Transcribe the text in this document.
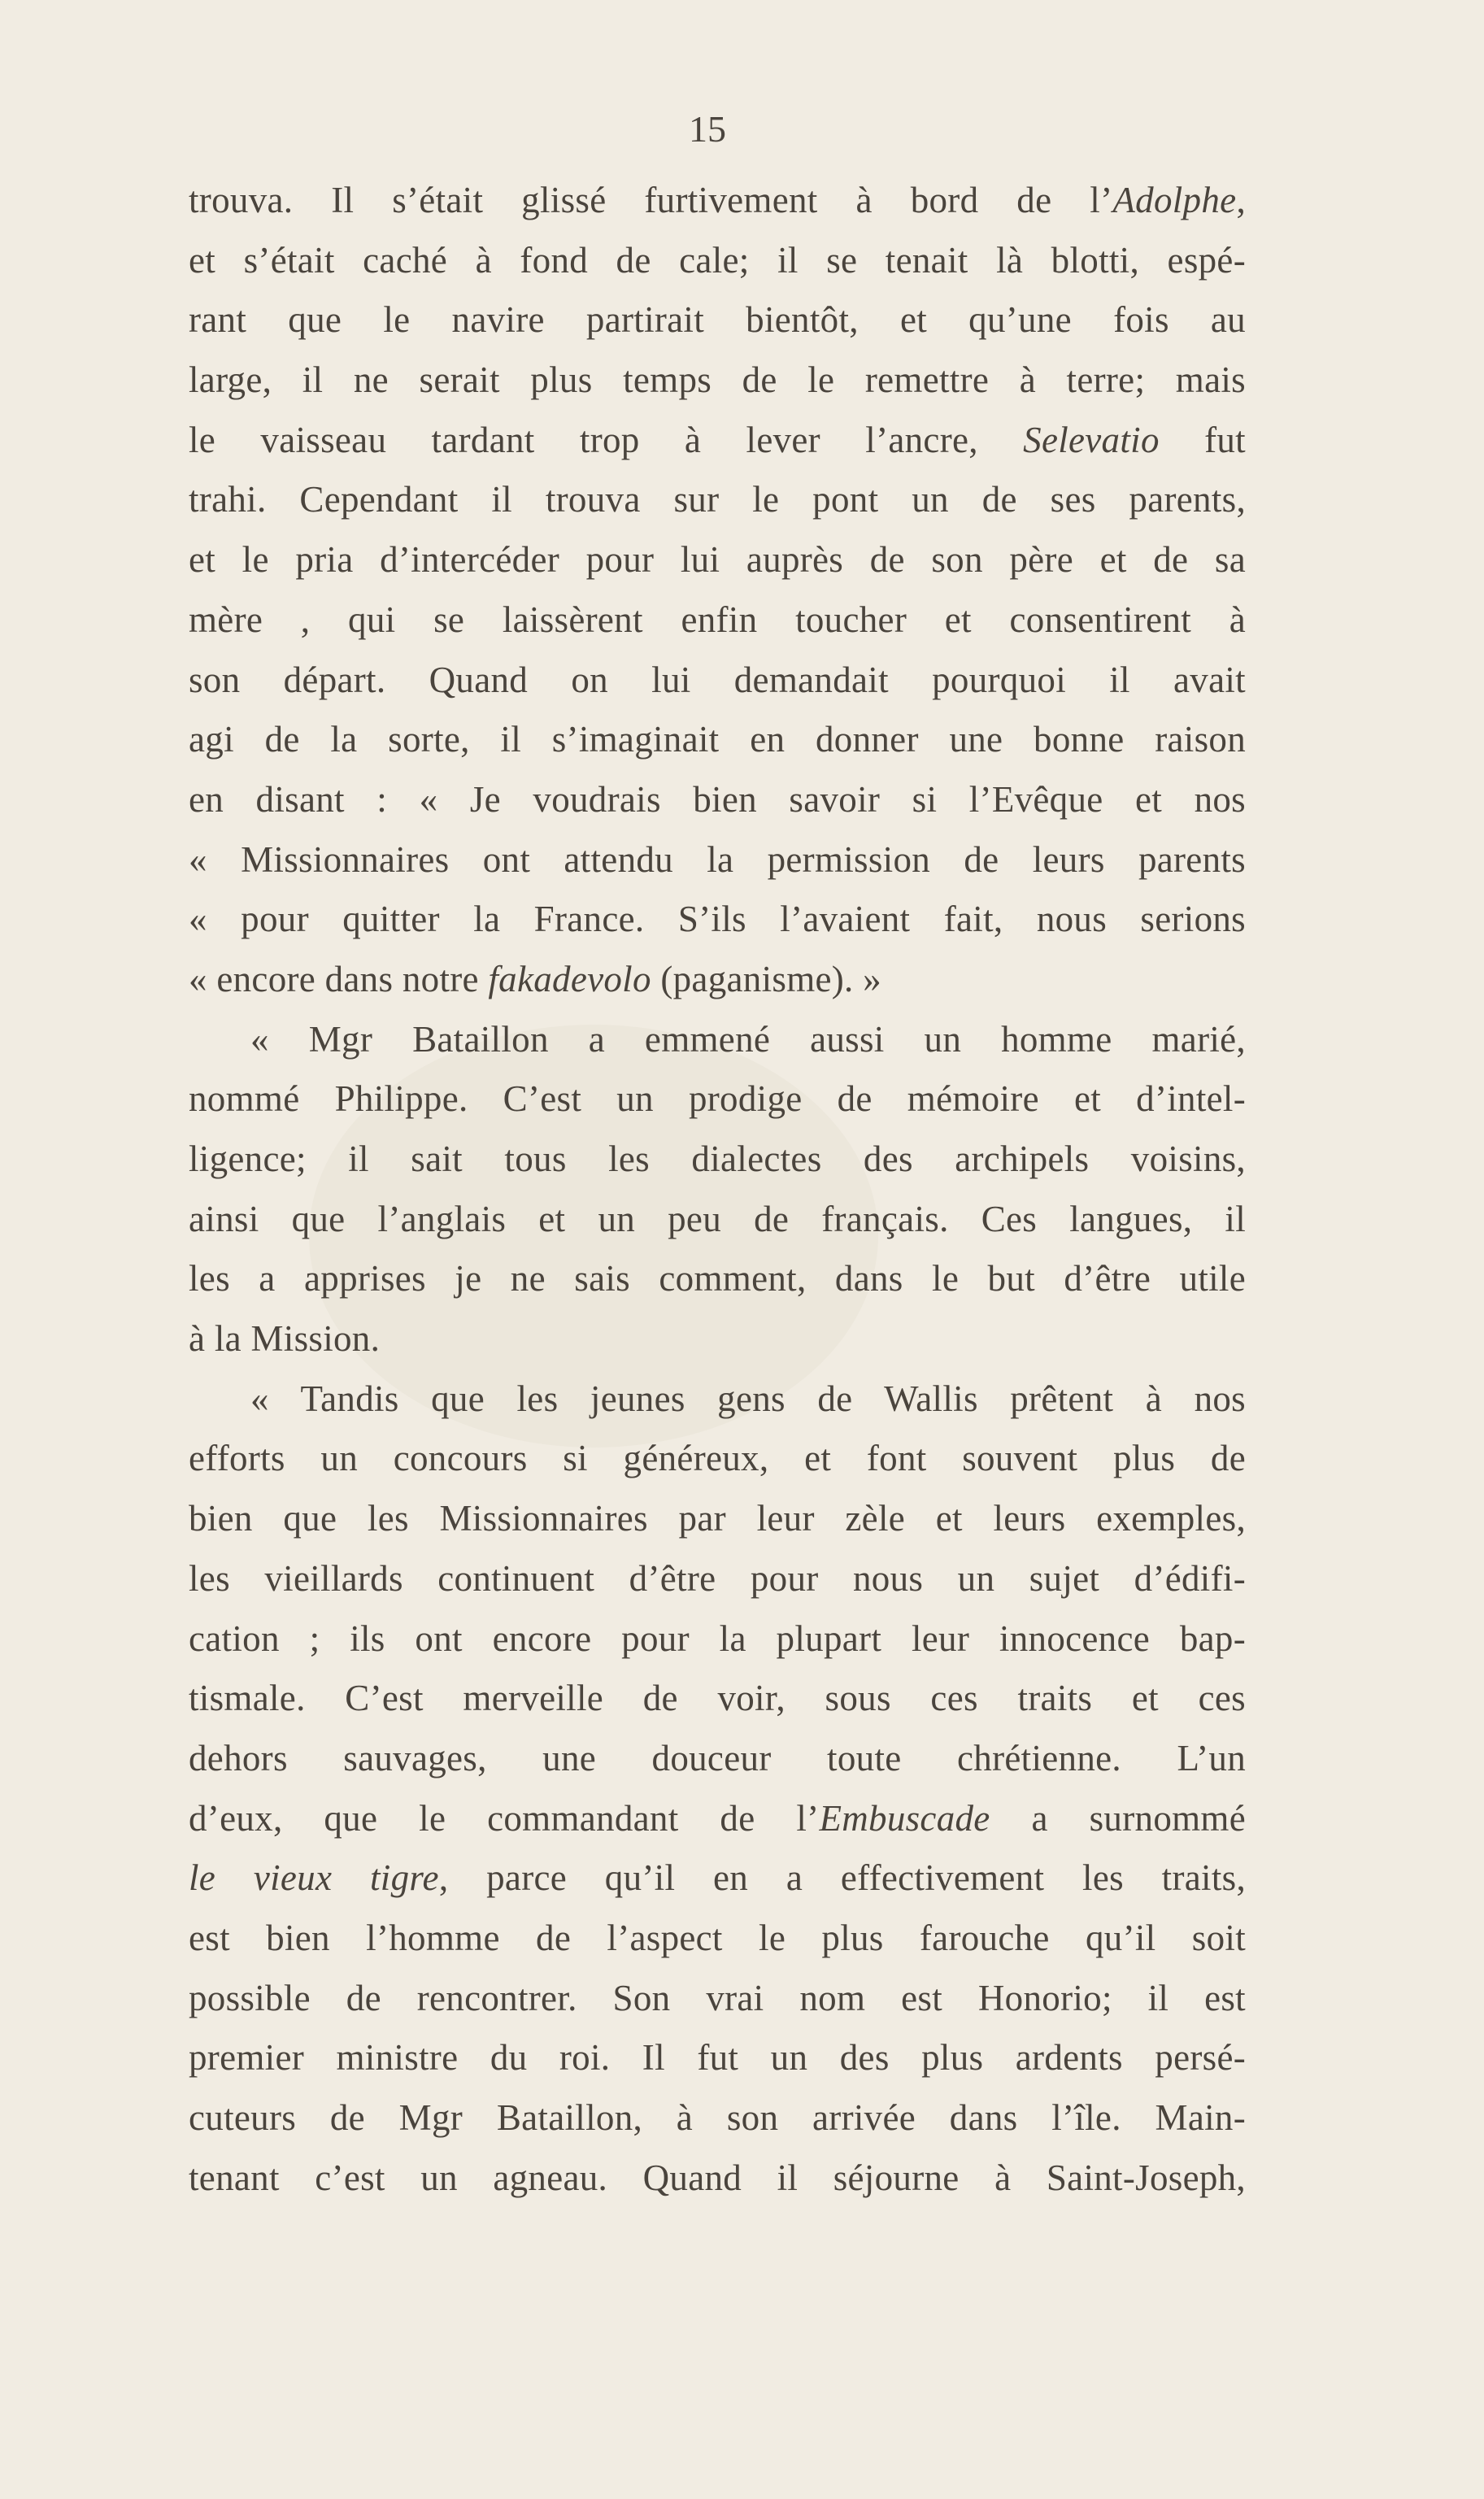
15
trouva. Il s’était glissé furtivement à bord de l’Adolphe,
et s’était caché à fond de cale; il se tenait là blotti, espé-
rant que le navire partirait bientôt, et qu’une fois au
large, il ne serait plus temps de le remettre à terre; mais
le vaisseau tardant trop à lever l’ancre, Selevatio fut
trahi. Cependant il trouva sur le pont un de ses parents,
et le pria d’intercéder pour lui auprès de son père et de sa
mère , qui se laissèrent enfin toucher et consentirent à
son départ. Quand on lui demandait pourquoi il avait
agi de la sorte, il s’imaginait en donner une bonne raison
en disant : « Je voudrais bien savoir si l’Evêque et nos
« Missionnaires ont attendu la permission de leurs parents
« pour quitter la France. S’ils l’avaient fait, nous serions
« encore dans notre fakadevolo (paganisme). »
« Mgr Bataillon a emmené aussi un homme marié,
nommé Philippe. C’est un prodige de mémoire et d’intel-
ligence; il sait tous les dialectes des archipels voisins,
ainsi que l’anglais et un peu de français. Ces langues, il
les a apprises je ne sais comment, dans le but d’être utile
à la Mission.
« Tandis que les jeunes gens de Wallis prêtent à nos
efforts un concours si généreux, et font souvent plus de
bien que les Missionnaires par leur zèle et leurs exemples,
les vieillards continuent d’être pour nous un sujet d’édifi-
cation ; ils ont encore pour la plupart leur innocence bap-
tismale. C’est merveille de voir, sous ces traits et ces
dehors sauvages, une douceur toute chrétienne. L’un
d’eux, que le commandant de l’Embuscade a surnommé
le vieux tigre, parce qu’il en a effectivement les traits,
est bien l’homme de l’aspect le plus farouche qu’il soit
possible de rencontrer. Son vrai nom est Honorio; il est
premier ministre du roi. Il fut un des plus ardents persé-
cuteurs de Mgr Bataillon, à son arrivée dans l’île. Main-
tenant c’est un agneau. Quand il séjourne à Saint-Joseph,
